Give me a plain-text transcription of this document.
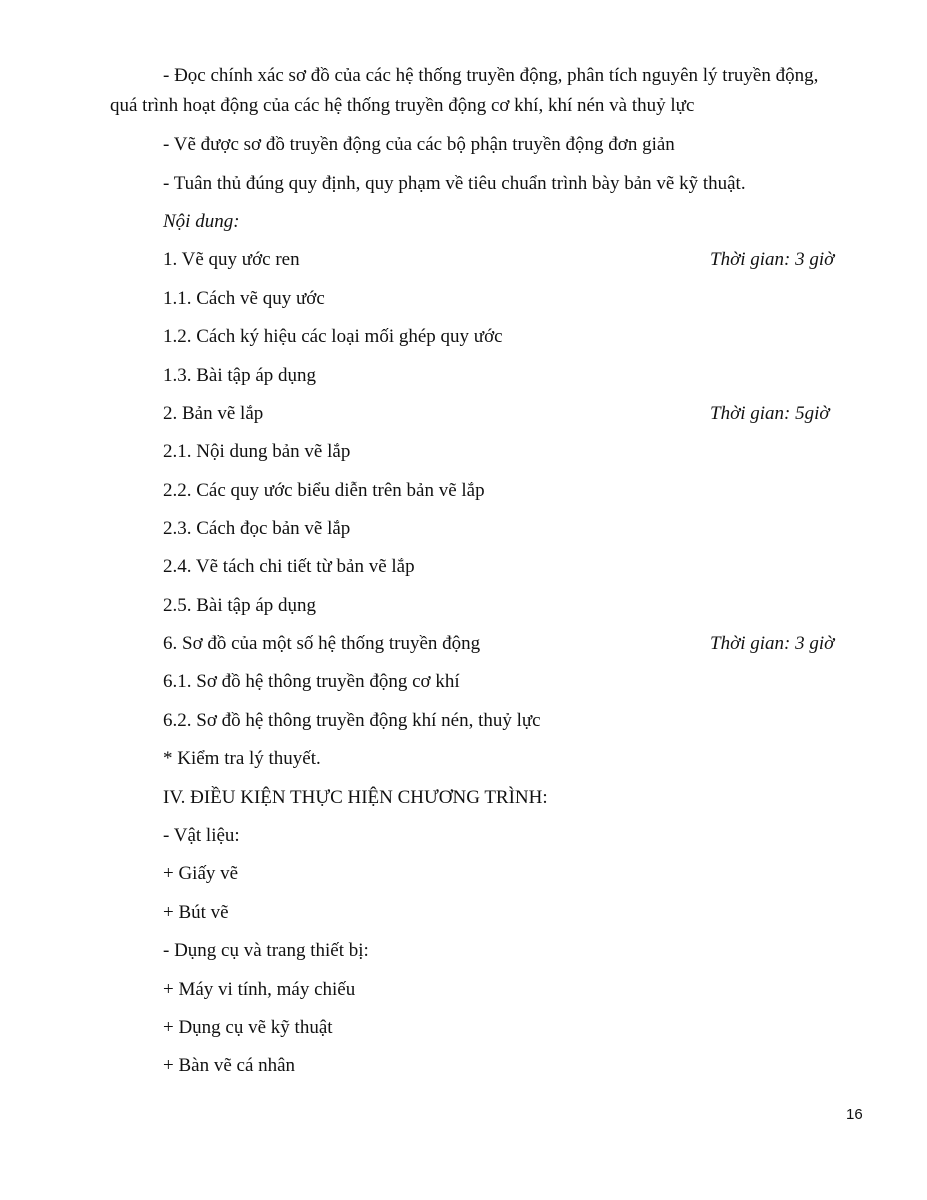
- Đọc chính xác sơ đồ của các hệ thống truyền động, phân tích nguyên lý truyền động,
quá trình hoạt động của các hệ thống truyền động cơ khí, khí nén và thuỷ lực
- Vẽ được sơ đồ truyền động của các bộ phận truyền động đơn giản
- Tuân thủ đúng quy định, quy phạm về tiêu chuẩn trình bày bản vẽ kỹ thuật.
Nội dung:
1. Vẽ quy ước ren	Thời gian: 3 giờ
1.1. Cách vẽ quy ước
1.2. Cách ký hiệu các loại mối ghép quy ước
1.3. Bài tập áp dụng
2. Bản vẽ lắp	Thời gian: 5giờ
2.1. Nội dung bản vẽ lắp
2.2. Các quy ước biểu diễn trên bản vẽ lắp
2.3. Cách đọc bản vẽ lắp
2.4. Vẽ tách chi tiết từ bản vẽ lắp
2.5. Bài tập áp dụng
6. Sơ đồ của một số hệ thống truyền động	Thời gian: 3 giờ
6.1. Sơ đồ hệ thông truyền động cơ khí
6.2. Sơ đồ hệ thông truyền động khí nén, thuỷ lực
* Kiểm tra lý thuyết.
IV. ĐIỀU KIỆN THỰC HIỆN CHƯƠNG TRÌNH:
- Vật liệu:
+ Giấy vẽ
+ Bút vẽ
- Dụng cụ và trang thiết bị:
+ Máy vi tính, máy chiếu
+ Dụng cụ vẽ kỹ thuật
+ Bàn vẽ cá nhân
16
